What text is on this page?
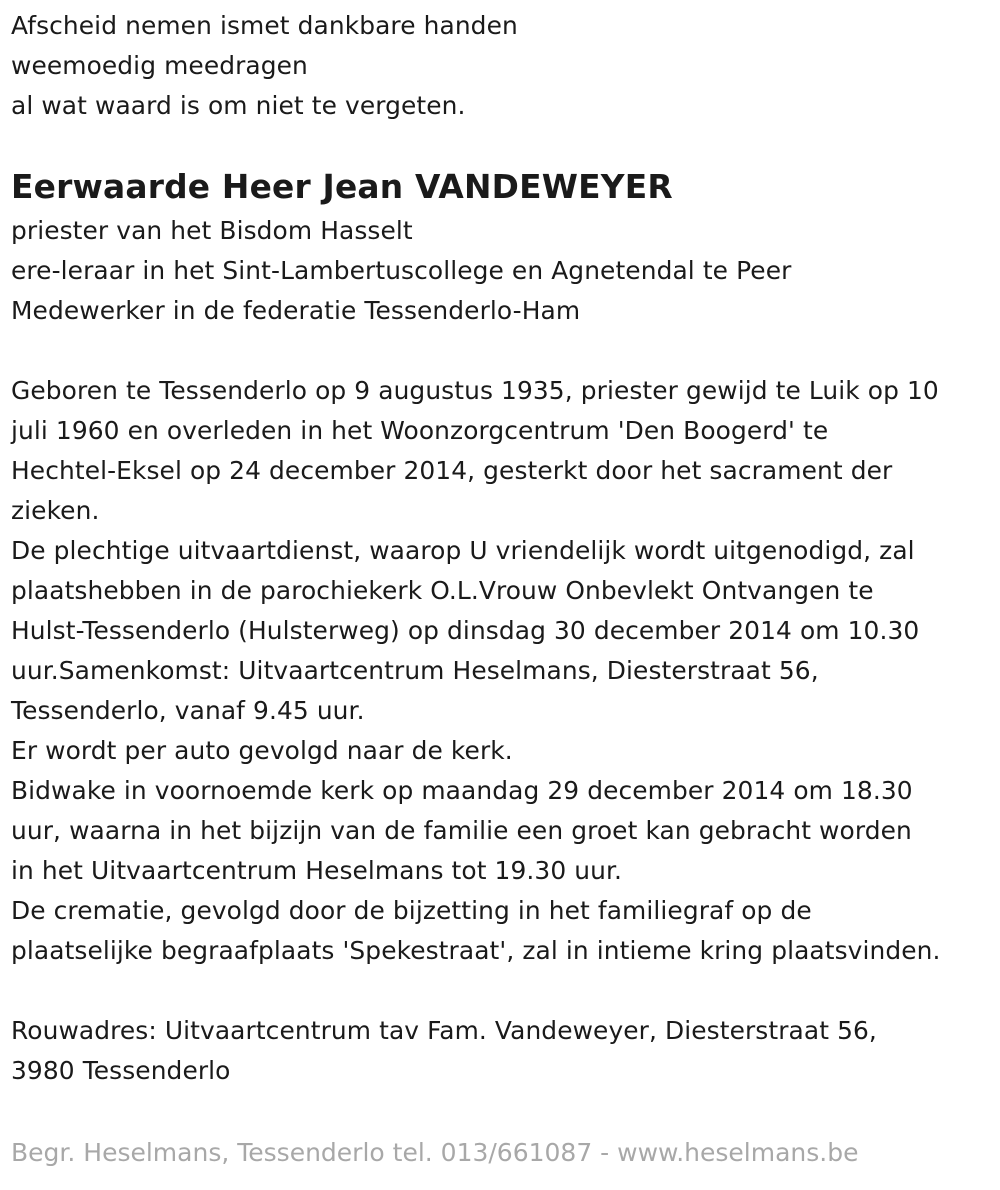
Afscheid nemen ismet dankbare handen
weemoedig meedragen
al wat waard is om niet te vergeten.
Eerwaarde Heer Jean VANDEWEYER
priester van het Bisdom Hasselt
ere-leraar in het Sint-Lambertuscollege en Agnetendal te Peer
Medewerker in de federatie Tessenderlo-Ham
Geboren te Tessenderlo op 9 augustus 1935, priester gewijd te Luik op 10
juli 1960 en overleden in het Woonzorgcentrum 'Den Boogerd' te
Hechtel-Eksel op 24 december 2014, gesterkt door het sacrament der
zieken.
De plechtige uitvaartdienst, waarop U vriendelijk wordt uitgenodigd, zal
plaatshebben in de parochiekerk O.L.Vrouw Onbevlekt Ontvangen te
Hulst-Tessenderlo (Hulsterweg) op dinsdag 30 december 2014 om 10.30
uur.Samenkomst: Uitvaartcentrum Heselmans, Diesterstraat 56,
Tessenderlo, vanaf 9.45 uur.
Er wordt per auto gevolgd naar de kerk.
Bidwake in voornoemde kerk op maandag 29 december 2014 om 18.30
uur, waarna in het bijzijn van de familie een groet kan gebracht worden
in het Uitvaartcentrum Heselmans tot 19.30 uur.
De crematie, gevolgd door de bijzetting in het familiegraf op de
plaatselijke begraafplaats 'Spekestraat', zal in intieme kring plaatsvinden.
Rouwadres: Uitvaartcentrum tav Fam. Vandeweyer, Diesterstraat 56,
3980 Tessenderlo
Begr. Heselmans, Tessenderlo tel. 013/661087 - www.heselmans.be
